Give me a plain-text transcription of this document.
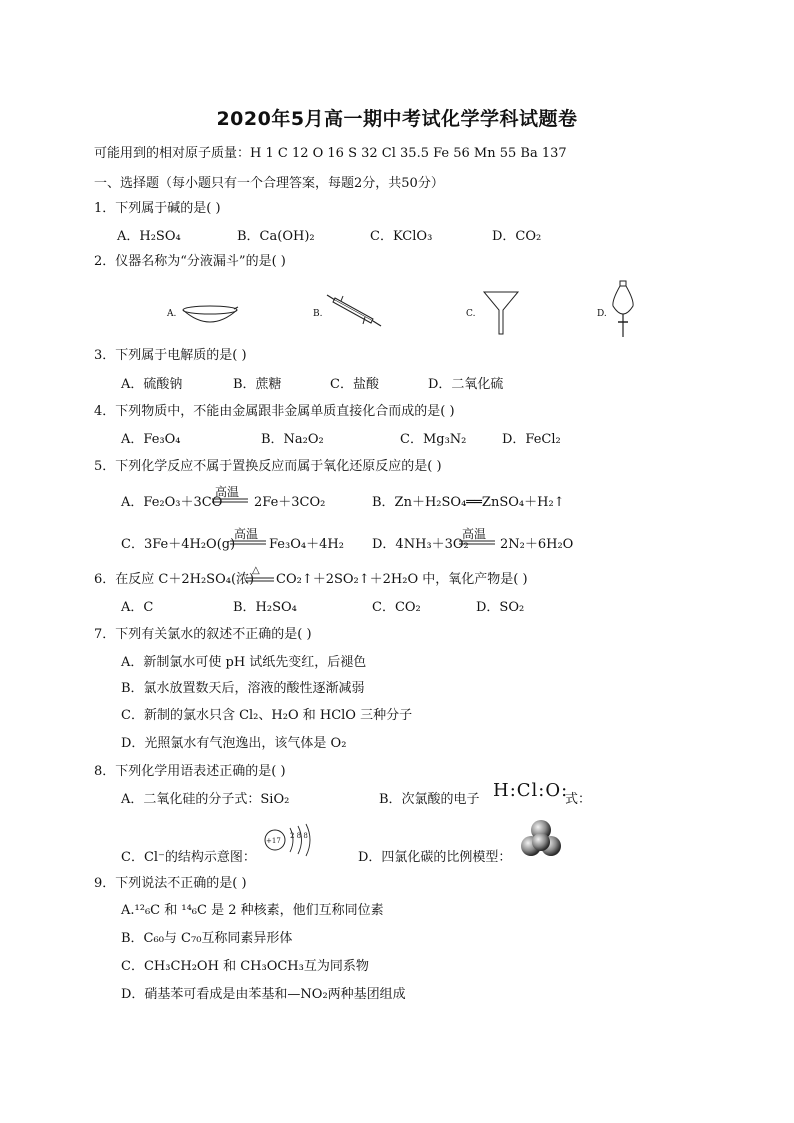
2020年5月高一期中考试化学学科试题卷
可能用到的相对原子质量：H 1 C 12 O 16 S 32 Cl 35.5 Fe 56 Mn 55 Ba 137
一、选择题（每小题只有一个合理答案，每题2分，共50分）
1．下列属于碱的是( )
A．H₂SO₄	B．Ca(OH)₂	C．KClO₃	D．CO₂
2．仪器名称为“分液漏斗”的是( )
A.	B.	C.	D.
3．下列属于电解质的是( )
A．硫酸钠	B．蔗糖	C．盐酸	D．二氧化硫
4．下列物质中，不能由金属跟非金属单质直接化合而成的是( )
A．Fe₃O₄	B．Na₂O₂	C．Mg₃N₂	D．FeCl₂
5．下列化学反应不属于置换反应而属于氧化还原反应的是( )
A．Fe₂O₃＋3CO
高温
2Fe＋3CO₂	B．Zn＋H₂SO₄══ZnSO₄＋H₂↑
C．3Fe＋4H₂O(g)
高温
Fe₃O₄＋4H₂ D．4NH₃＋3O₂
高温
2N₂＋6H₂O
6．在反应 C＋2H₂SO₄(浓)
△
CO₂↑＋2SO₂↑＋2H₂O 中，氧化产物是( )
A．C	B．H₂SO₄	C．CO₂	D．SO₂
7．下列有关氯水的叙述不正确的是( )
A．新制氯水可使 pH 试纸先变红，后褪色
B．氯水放置数天后，溶液的酸性逐渐减弱
C．新制的氯水只含 Cl₂、H₂O 和 HClO 三种分子
D．光照氯水有气泡逸出，该气体是 O₂
8．下列化学用语表述正确的是( )
A．二氧化硅的分子式：SiO₂	B．次氯酸的电子 H:Cl:O:
式：
C．Cl⁻的结构示意图：
+17
2 8 8
D．四氯化碳的比例模型：
9．下列说法不正确的是( )
A.¹²₆C 和 ¹⁴₆C 是 2 种核素，他们互称同位素
B．C₆₀与 C₇₀互称同素异形体
C．CH₃CH₂OH 和 CH₃OCH₃互为同系物
D．硝基苯可看成是由苯基和—NO₂两种基团组成
